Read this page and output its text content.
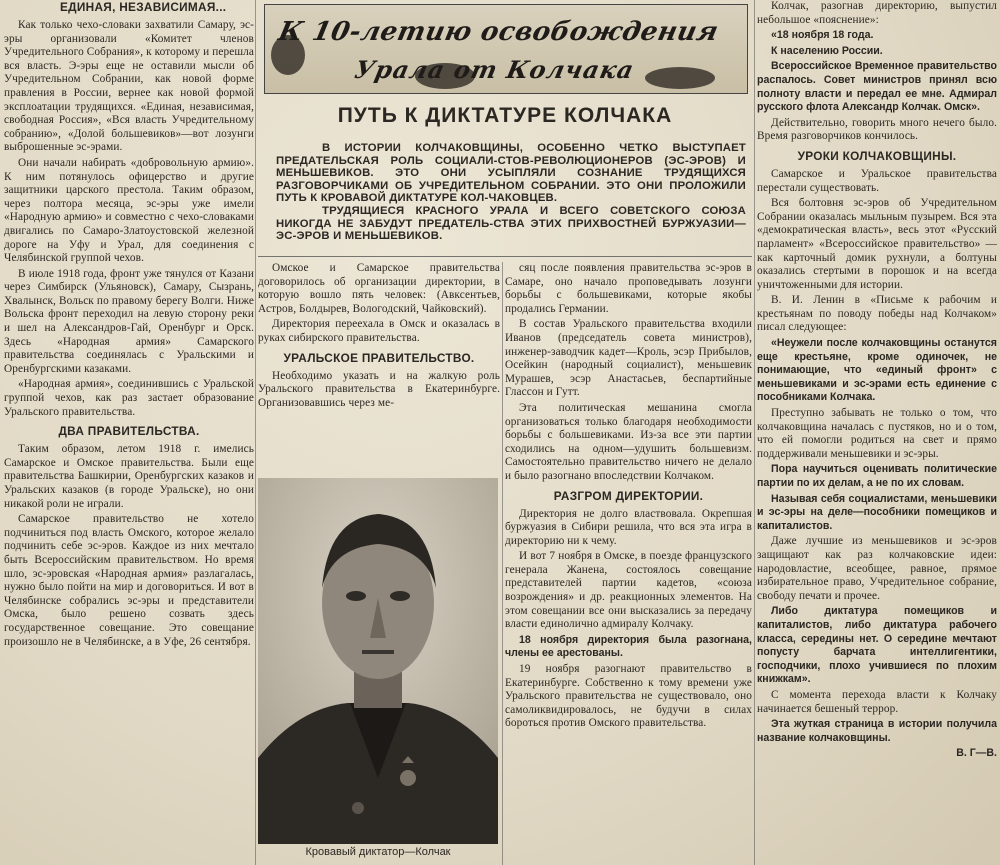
ЕДИНАЯ, НЕЗАВИСИМАЯ...

Как только чехо-словаки захватили Самару, эс-эры организовали «Комитет членов Учредительного Собрания», к которому и перешла вся власть. Э-эры еще не оставили мысли об Учредительном Собрании, как новой форме правления в России, вернее как новой формой эксплоатации трудящихся. «Единая, независимая, свободная Россия», «Вся власть Учредительному собранию», «Долой большевиков»—вот лозунги выброшенные эс-эрами.

Они начали набирать «добровольную армию». К ним потянулось офицерство и другие защитники царского престола. Таким образом, через полтора месяца, эс-эры уже имели «Народную армию» и совместно с чехо-словаками двигались по Самаро-Златоустовской железной дороге на Уфу и Урал, для соединения с Челябинской группой чехов.

В июле 1918 года, фронт уже тянулся от Казани через Симбирск (Ульяновск), Самару, Сызрань, Хвалынск, Вольск по правому берегу Волги. Ниже Вольска фронт переходил на левую сторону реки и шел на Александров-Гай, Оренбург и Орск. Здесь «Народная армия» Самарского правительства соединялась с Уральскими и Оренбургскими казаками.

«Народная армия», соединившись с Уральской группой чехов, как раз застает образование Уральского правительства.

ДВА ПРАВИТЕЛЬСТВА.

Таким образом, летом 1918 г. имелись Самарское и Омское правительства. Были еще правительства Башкирии, Оренбургских казаков и Уральских казаков (в городе Уральске), но они никакой роли не играли.

Самарское правительство не хотело подчиниться под власть Омского, которое желало подчинить себе эс-эров. Каждое из них мечтало быть Всероссийским правительством. Но время шло, эс-эровская «Народная армия» разлагалась, нужно было пойти на мир и договориться. И вот в Челябинске собрались эс-эры и представители Омска, было решено созвать здесь государственное совещание. Это совещание произошло не в Челябинске, а в Уфе, 26 сентября.

К 10-летию освобождения
Урала от Колчака
ПУТЬ К ДИКТАТУРЕ КОЛЧАКА

В ИСТОРИИ КОЛЧАКОВЩИНЫ, ОСОБЕННО ЧЕТКО ВЫСТУПАЕТ ПРЕДАТЕЛЬСКАЯ РОЛЬ СОЦИАЛИ-СТОВ-РЕВОЛЮЦИОНЕРОВ (ЭС-ЭРОВ) И МЕНЬШЕВИКОВ. ЭТО ОНИ УСЫПЛЯЛИ СОЗНАНИЕ ТРУДЯЩИХСЯ РАЗГОВОРЧИКАМИ ОБ УЧРЕДИТЕЛЬНОМ СОБРАНИИ. ЭТО ОНИ ПРОЛОЖИЛИ ПУТЬ К КРОВАВОЙ ДИКТАТУРЕ КОЛ-ЧАКОВЦЕВ.

ТРУДЯЩИЕСЯ КРАСНОГО УРАЛА И ВСЕГО СОВЕТСКОГО СОЮЗА НИКОГДА НЕ ЗАБУДУТ ПРЕДАТЕЛЬ-СТВА ЭТИХ ПРИХВОСТНЕЙ БУРЖУАЗИИ—ЭС-ЭРОВ И МЕНЬШЕВИКОВ.

Омское и Самарское правительства договорилось об организации директории, в которую вошло пять человек: (Авксентьев, Астров, Болдырев, Вологодский, Чайковский).

Директория переехала в Омск и оказалась в руках сибирского правительства.

УРАЛЬСКОЕ ПРАВИТЕЛЬСТВО.

Необходимо указать и на жалкую роль Уральского правительства в Екатеринбурге. Организовавшись через ме-

Кровавый диктатор—Колчак

сяц после появления правительства эс-эров в Самаре, оно начало проповедывать лозунги борьбы с большевиками, которые якобы продались Германии.

В состав Уральского правительства входили Иванов (председатель совета министров), инженер-заводчик кадет—Кроль, эсэр Прибылов, Осейкин (народный социалист), меньшевик Мурашев, эсэр Анастасьев, беспартийные Глассон и Гутт.

Эта политическая мешанина смогла организоваться только благодаря необходимости борьбы с большевиками. Из-за все эти партии сходились на одном—удушить большевизм. Самостоятельно правительство ничего не делало и было разогнано впоследствии Колчаком.

РАЗГРОМ ДИРЕКТОРИИ.

Директория не долго властвовала. Окрепшая буржуазия в Сибири решила, что вся эта игра в директорию ни к чему.

И вот 7 ноября в Омске, в поезде французского генерала Жанена, состоялось совещание представителей партии кадетов, «союза возрождения» и др. реакционных элементов. На этом совещании все они высказались за передачу власти единолично адмиралу Колчаку.

18 ноября директория была разогнана, члены ее арестованы.

19 ноября разогнают правительство в Екатеринбурге. Собственно к тому времени уже Уральского правительства не существовало, оно самоликвидировалось, не будучи в силах бороться против Омского правительства.

Колчак, разогнав директорию, выпустил небольшое «пояснение»:

«18 ноября 18 года.

К населению России.

Всероссийское Временное правительство распалось. Совет министров принял всю полноту власти и передал ее мне. Адмирал русского флота Александр Колчак. Омск».

Действительно, говорить много нечего было. Время разговорчиков кончилось.

УРОКИ КОЛЧАКОВЩИНЫ.

Самарское и Уральское правительства перестали существовать.

Вся болтовня эс-эров об Учредительном Собрании оказалась мыльным пузырем. Вся эта «демократическая власть», весь этот «Русский парламент» «Всероссийское правительство» — как карточный домик рухнули, а болтуны оказались стертыми в порошок и на всегда уничтоженными для истории.

В. И. Ленин в «Письме к рабочим и крестьянам по поводу победы над Колчаком» писал следующее:

«Неужели после колчаковщины останутся еще крестьяне, кроме одиночек, не понимающие, что «единый фронт» с меньшевиками и эс-эрами есть единение с пособниками Колчака.

Преступно забывать не только о том, что колчаковщина началась с пустяков, но и о том, что ей помогли родиться на свет и прямо поддерживали меньшевики и эс-эры.

Пора научиться оценивать политические партии по их делам, а не по их словам.

Называя себя социалистами, меньшевики и эс-эры на деле—пособники помещиков и капиталистов.

Даже лучшие из меньшевиков и эс-эров защищают как раз колчаковские идеи: народовластие, всеобщее, равное, прямое избирательное право, Учредительное собрание, свободу печати и прочее.

Либо диктатура помещиков и капиталистов, либо диктатура рабочего класса, середины нет. О середине мечтают попусту барчата интеллигентики, господчики, плохо учившиеся по плохим книжкам».

С момента перехода власти к Колчаку начинается бешеный террор.

Эта жуткая страница в истории получила название колчаковщины.

В. Г—В.
